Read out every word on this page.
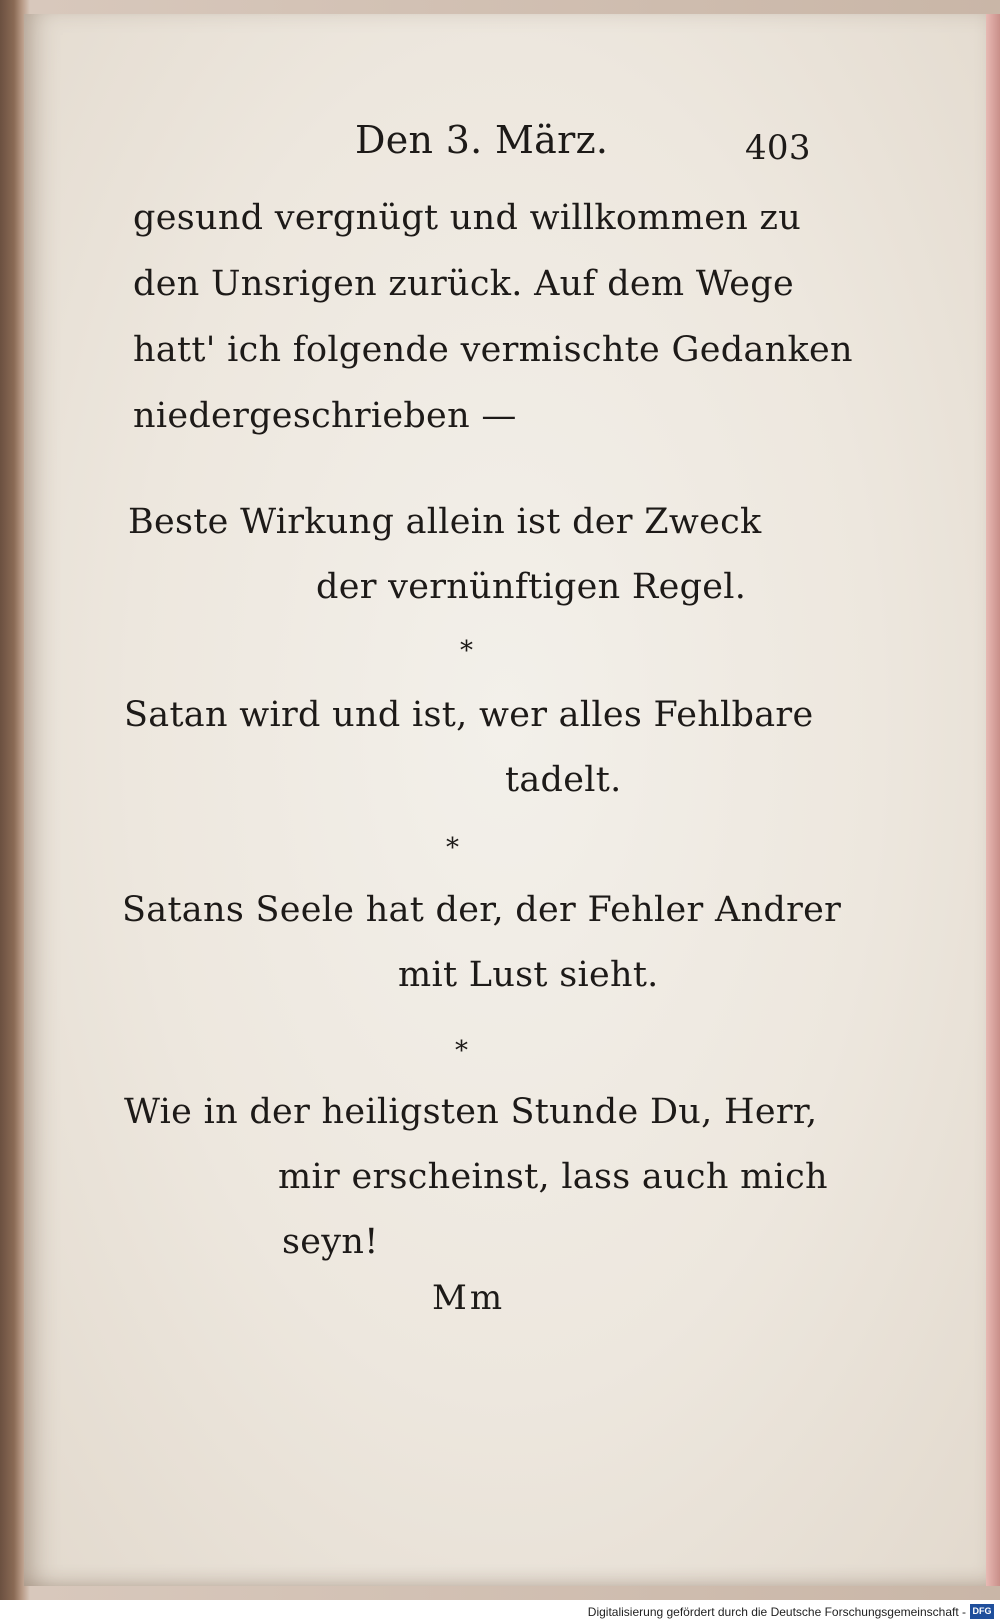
Den 3. März.	403
gesund vergnügt und willkommen zu
den Unsrigen zurück. Auf dem Wege
hatt' ich folgende vermischte Gedanken
niedergeschrieben —
Beste Wirkung allein ist der Zweck
der vernünftigen Regel.
*
Satan wird und ist, wer alles Fehlbare
tadelt.
*
Satans Seele hat der, der Fehler Andrer
mit Lust sieht.
*
Wie in der heiligsten Stunde Du, Herr,
mir erscheinst, lass auch mich
seyn!
Mm
Digitalisierung gefördert durch die Deutsche Forschungsgemeinschaft - DFG
